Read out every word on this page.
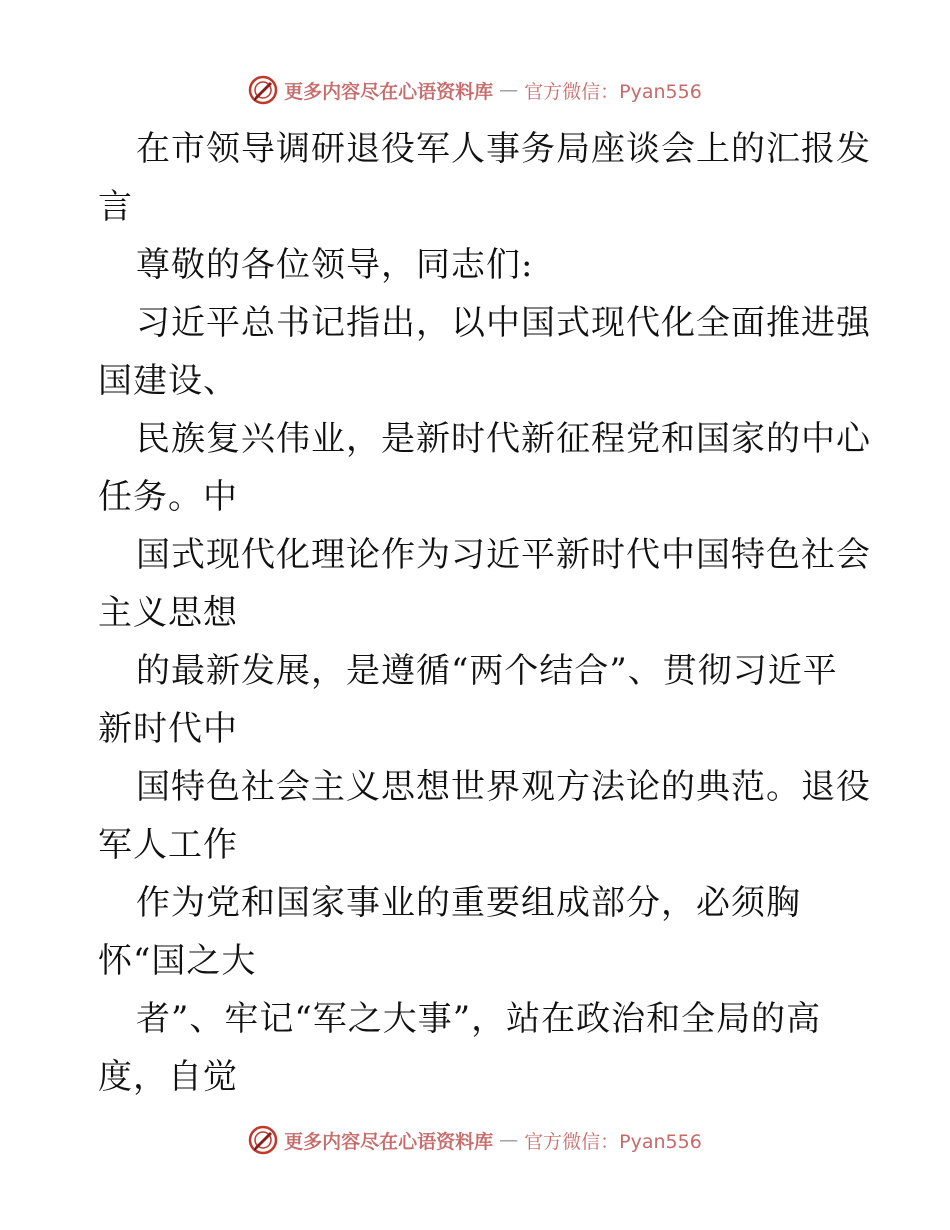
更多内容尽在心语资料库 — 官方微信：Pyan556
在市领导调研退役军人事务局座谈会上的汇报发
言
尊敬的各位领导，同志们:
习近平总书记指出，以中国式现代化全面推进强
国建设、
民族复兴伟业，是新时代新征程党和国家的中心
任务。中
国式现代化理论作为习近平新时代中国特色社会
主义思想
的最新发展，是遵循“两个结合”、贯彻习近平
新时代中
国特色社会主义思想世界观方法论的典范。退役
军人工作
作为党和国家事业的重要组成部分，必须胸
怀“国之大
者”、牢记“军之大事”，站在政治和全局的高
度，自觉
更多内容尽在心语资料库 — 官方微信：Pyan556
